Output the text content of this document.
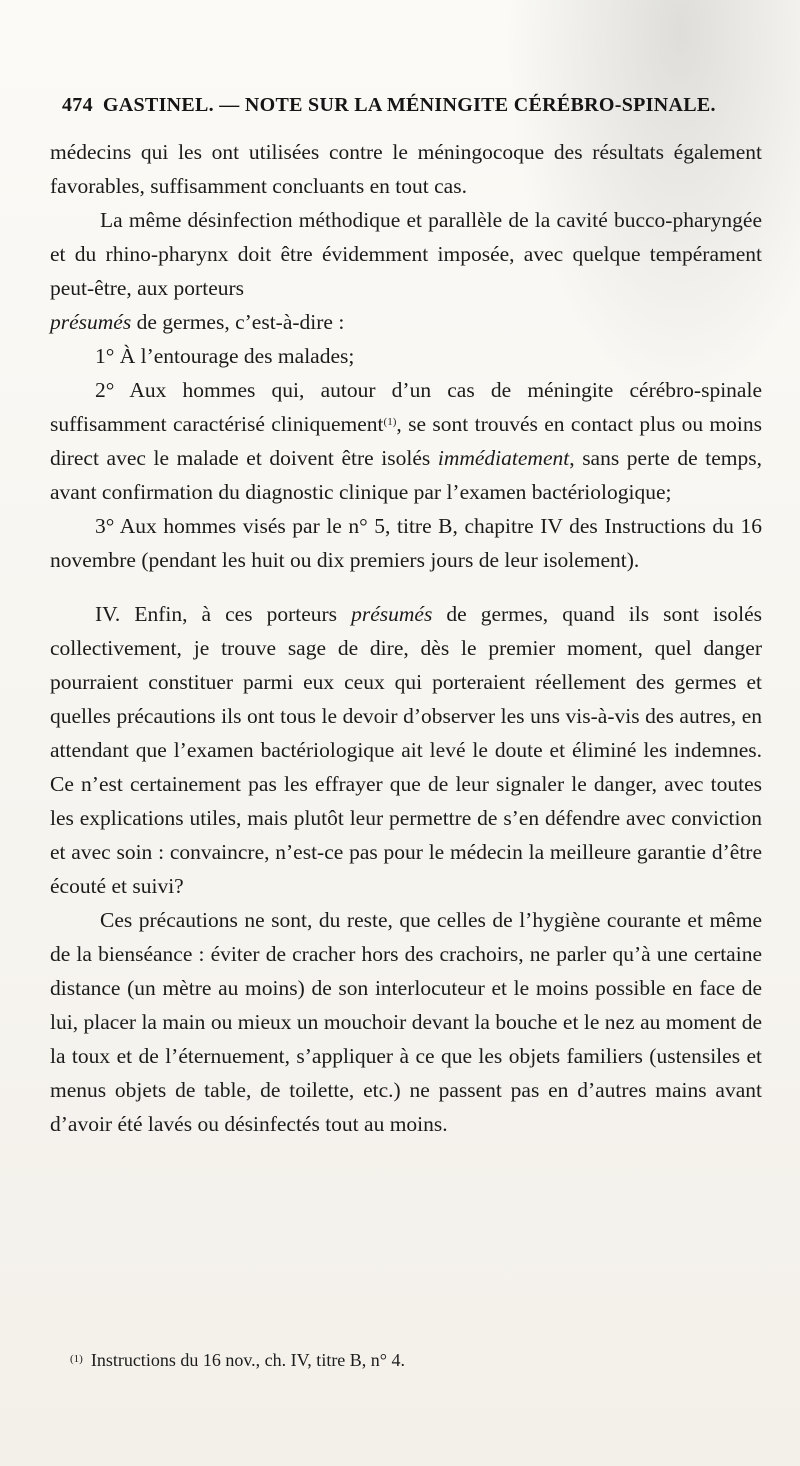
474 GASTINEL. — NOTE SUR LA MÉNINGITE CÉRÉBRO-SPINALE.

médecins qui les ont utilisées contre le méningocoque des résultats également favorables, suffisamment concluants en tout cas.

La même désinfection méthodique et parallèle de la cavité bucco-pharyngée et du rhino-pharynx doit être évidemment imposée, avec quelque tempérament peut-être, aux porteurs
présumés de germes, c’est-à-dire :

1° À l’entourage des malades;

2° Aux hommes qui, autour d’un cas de méningite cérébro-spinale suffisamment caractérisé cliniquement$^{(1)}$, se sont trouvés en contact plus ou moins direct avec le malade et doivent être isolés immédiatement, sans perte de temps, avant confirmation du diagnostic clinique par l’examen bactériologique;

3° Aux hommes visés par le n° 5, titre B, chapitre IV des Instructions du 16 novembre (pendant les huit ou dix premiers jours de leur isolement).

IV. Enfin, à ces porteurs présumés de germes, quand ils sont isolés collectivement, je trouve sage de dire, dès le premier moment, quel danger pourraient constituer parmi eux ceux qui porteraient réellement des germes et quelles précautions ils ont tous le devoir d’observer les uns vis-à-vis des autres, en attendant que l’examen bactériologique ait levé le doute et éliminé les indemnes. Ce n’est certainement pas les effrayer que de leur signaler le danger, avec toutes les explications utiles, mais plutôt leur permettre de s’en défendre avec conviction et avec soin : convaincre, n’est-ce pas pour le médecin la meilleure garantie d’être écouté et suivi?

Ces précautions ne sont, du reste, que celles de l’hygiène courante et même de la bienséance : éviter de cracher hors des crachoirs, ne parler qu’à une certaine distance (un mètre au moins) de son interlocuteur et le moins possible en face de lui, placer la main ou mieux un mouchoir devant la bouche et le nez au moment de la toux et de l’éternuement, s’appliquer à ce que les objets familiers (ustensiles et menus objets de table, de toilette, etc.) ne passent pas en d’autres mains avant d’avoir été lavés ou désinfectés tout au moins.

$^{(1)}$ Instructions du 16 nov., ch. IV, titre B, n° 4.
